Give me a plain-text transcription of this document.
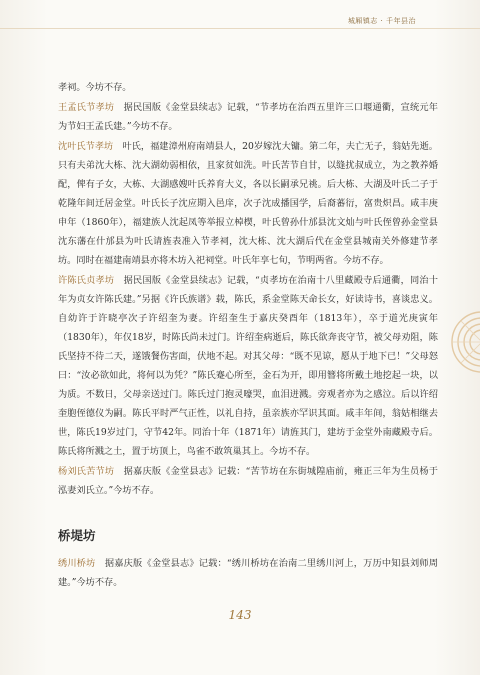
城厢镇志 · 千年县治

孝祠。今坊不存。

王孟氏节孝坊　据民国版《金堂县续志》记载，“节孝坊在治西五里许三口堰通衢，宣统元年为节妇王孟氏建。”今坊不存。

沈叶氏节孝坊　叶氏，福建漳州府南靖县人，20岁嫁沈大镛。第二年，夫亡无子，翁姑先逝。只有夫弟沈大栋、沈大湖幼弱相依，且家贫如洗。叶氏苦节自甘，以缝扰叔成立，为之教养婚配，俾有子女，大栋、大湖感嫂叶氏养育大义，各以长嗣承兄祧。后大栋、大湖及叶氏二子于乾隆年间迁居金堂。叶氏长子沈应期入邑庠，次子沈成播国学，后裔蕃衍，富贵炽昌。咸丰庚申年（1860年），福建族人沈起凤等举报立棹楔，叶氏曾孙什邡县沈文灿与叶氏侄曾孙金堂县沈东藩在什邡县为叶氏请旌表准入节孝祠，沈大栋、沈大湖后代在金堂县城南关外修建节孝坊。同时在福建南靖县亦将木坊入祀祠堂。叶氏年享七旬，节明两省。今坊不存。

许陈氏贞孝坊　据民国版《金堂县续志》记载，“贞孝坊在治南十八里藏殿寺后通衢，同治十年为贞女许陈氏建。”另据《许氏族谱》载，陈氏，系金堂陈天命长女，好读诗书，喜谈忠义。自幼许于许晓亭次子许绍奎为妻。许绍奎生于嘉庆癸酉年（1813年），卒于道光庚寅年（1830年），年仅18岁，时陈氏尚未过门。许绍奎病逝后，陈氏欲奔丧守节，被父母劝阻，陈氏坚持不待二天，遂饿餐伤害面，伏地不起。对其父母：“既不见谅，愿从于地下已！”父母怒曰：“汝必欲如此，将何以为凭？”陈氏蹇心所至，金石为开，即用簪将所戴土地挖起一块，以为质。不数日，父母亲送过门。陈氏过门抱灵嚎哭，血泪迸溅。旁观者亦为之感泣。后以许绍奎胞侄德仪为嗣。陈氏平时严气正性，以礼自持，虽亲族亦罕识其面。咸丰年间，翁姑相继去世，陈氏19岁过门，守节42年。同治十年（1871年）请旌其门，建坊于金堂外南藏殿寺后。陈氏将所溅之土，置于坊顶上，鸟雀不敢筑巢其上。今坊不存。

杨刘氏苦节坊　据嘉庆版《金堂县志》记载：“苦节坊在东街城隍庙前，雍正三年为生员杨于泓妻刘氏立。”今坊不存。

桥堤坊

绣川桥坊　据嘉庆版《金堂县志》记载：“绣川桥坊在治南二里绣川河上，万历中知县刘师周建。”今坊不存。

143
